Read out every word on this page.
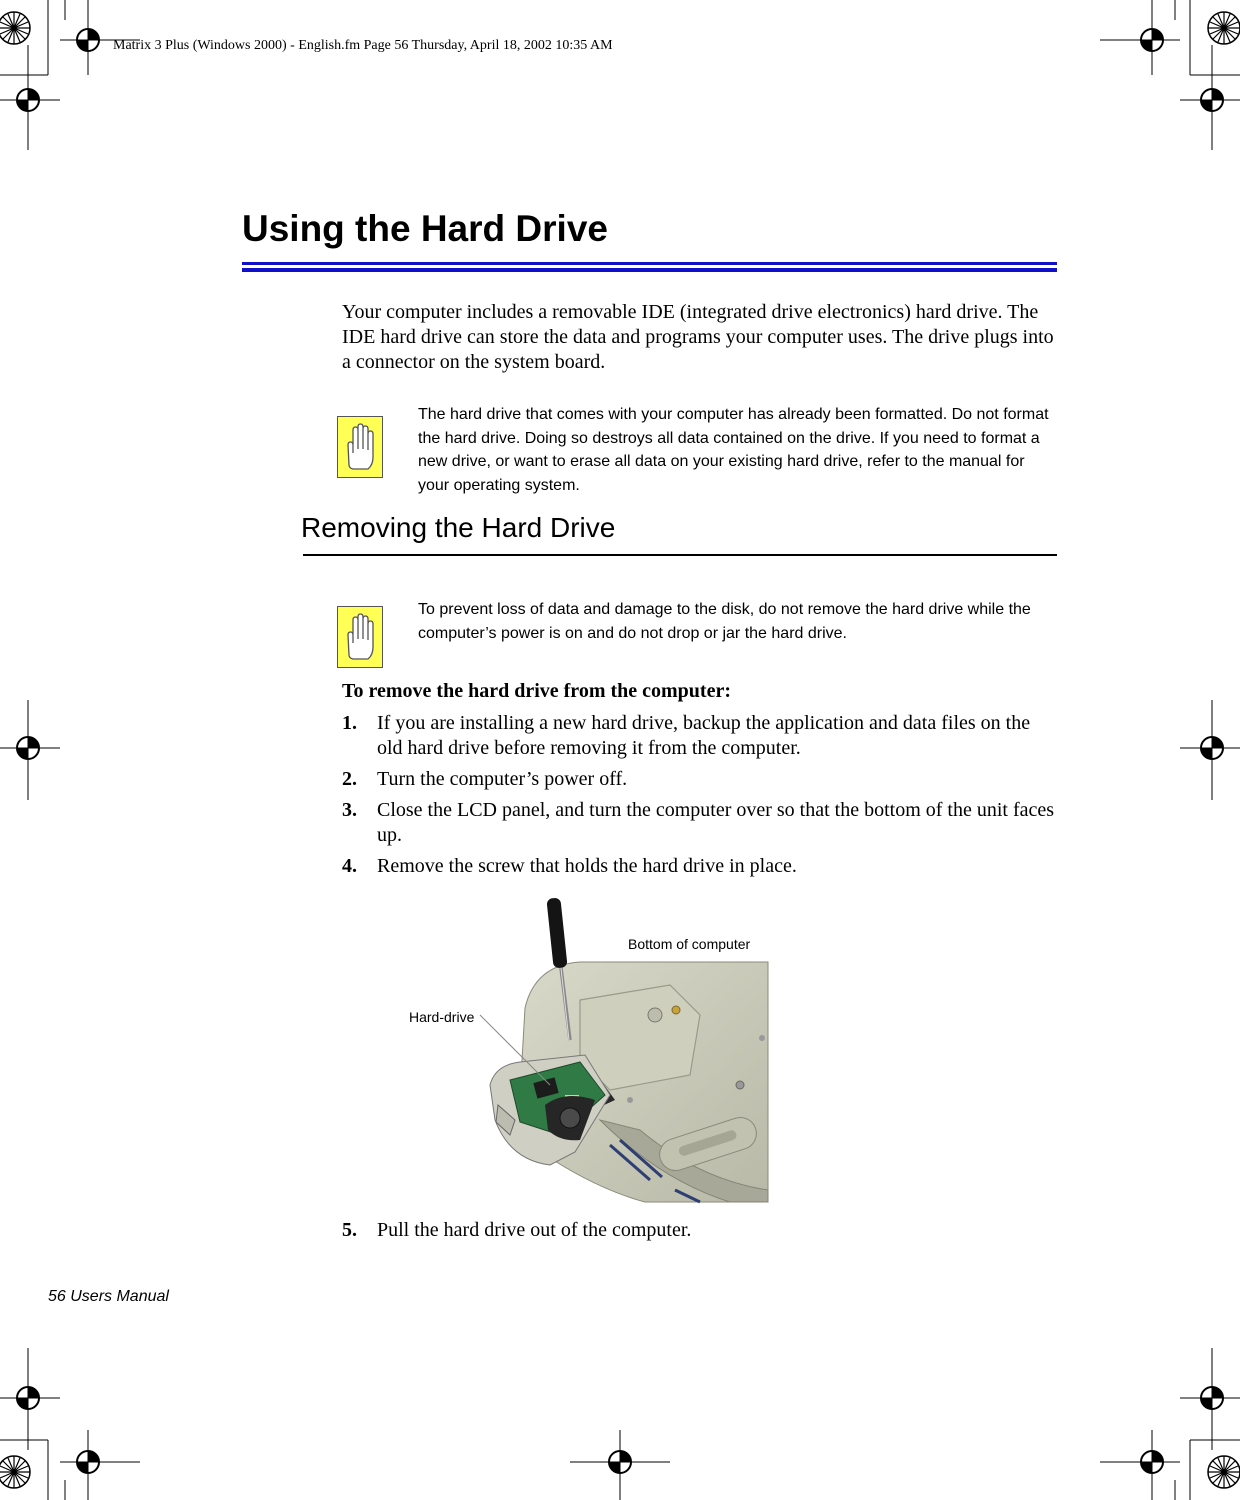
Matrix 3 Plus (Windows 2000) - English.fm Page 56 Thursday, April 18, 2002 10:35 AM
Using the Hard Drive
Your computer includes a removable IDE (integrated drive electronics) hard drive. The IDE hard drive can store the data and programs your computer uses. The drive plugs into a connector on the system board.
The hard drive that comes with your computer has already been formatted. Do not format the hard drive. Doing so destroys all data contained on the drive. If you need to format a new drive, or want to erase all data on your existing hard drive, refer to the manual for your operating system.
Removing the Hard Drive
To prevent loss of data and damage to the disk, do not remove the hard drive while the computer’s power is on and do not drop or jar the hard drive.
To remove the hard drive from the computer:
1. If you are installing a new hard drive, backup the application and data files on the old hard drive before removing it from the computer.
2. Turn the computer’s power off.
3. Close the LCD panel, and turn the computer over so that the bottom of the unit faces up.
4. Remove the screw that holds the hard drive in place.
Bottom of computer
Hard-drive
5. Pull the hard drive out of the computer.
56 Users Manual
